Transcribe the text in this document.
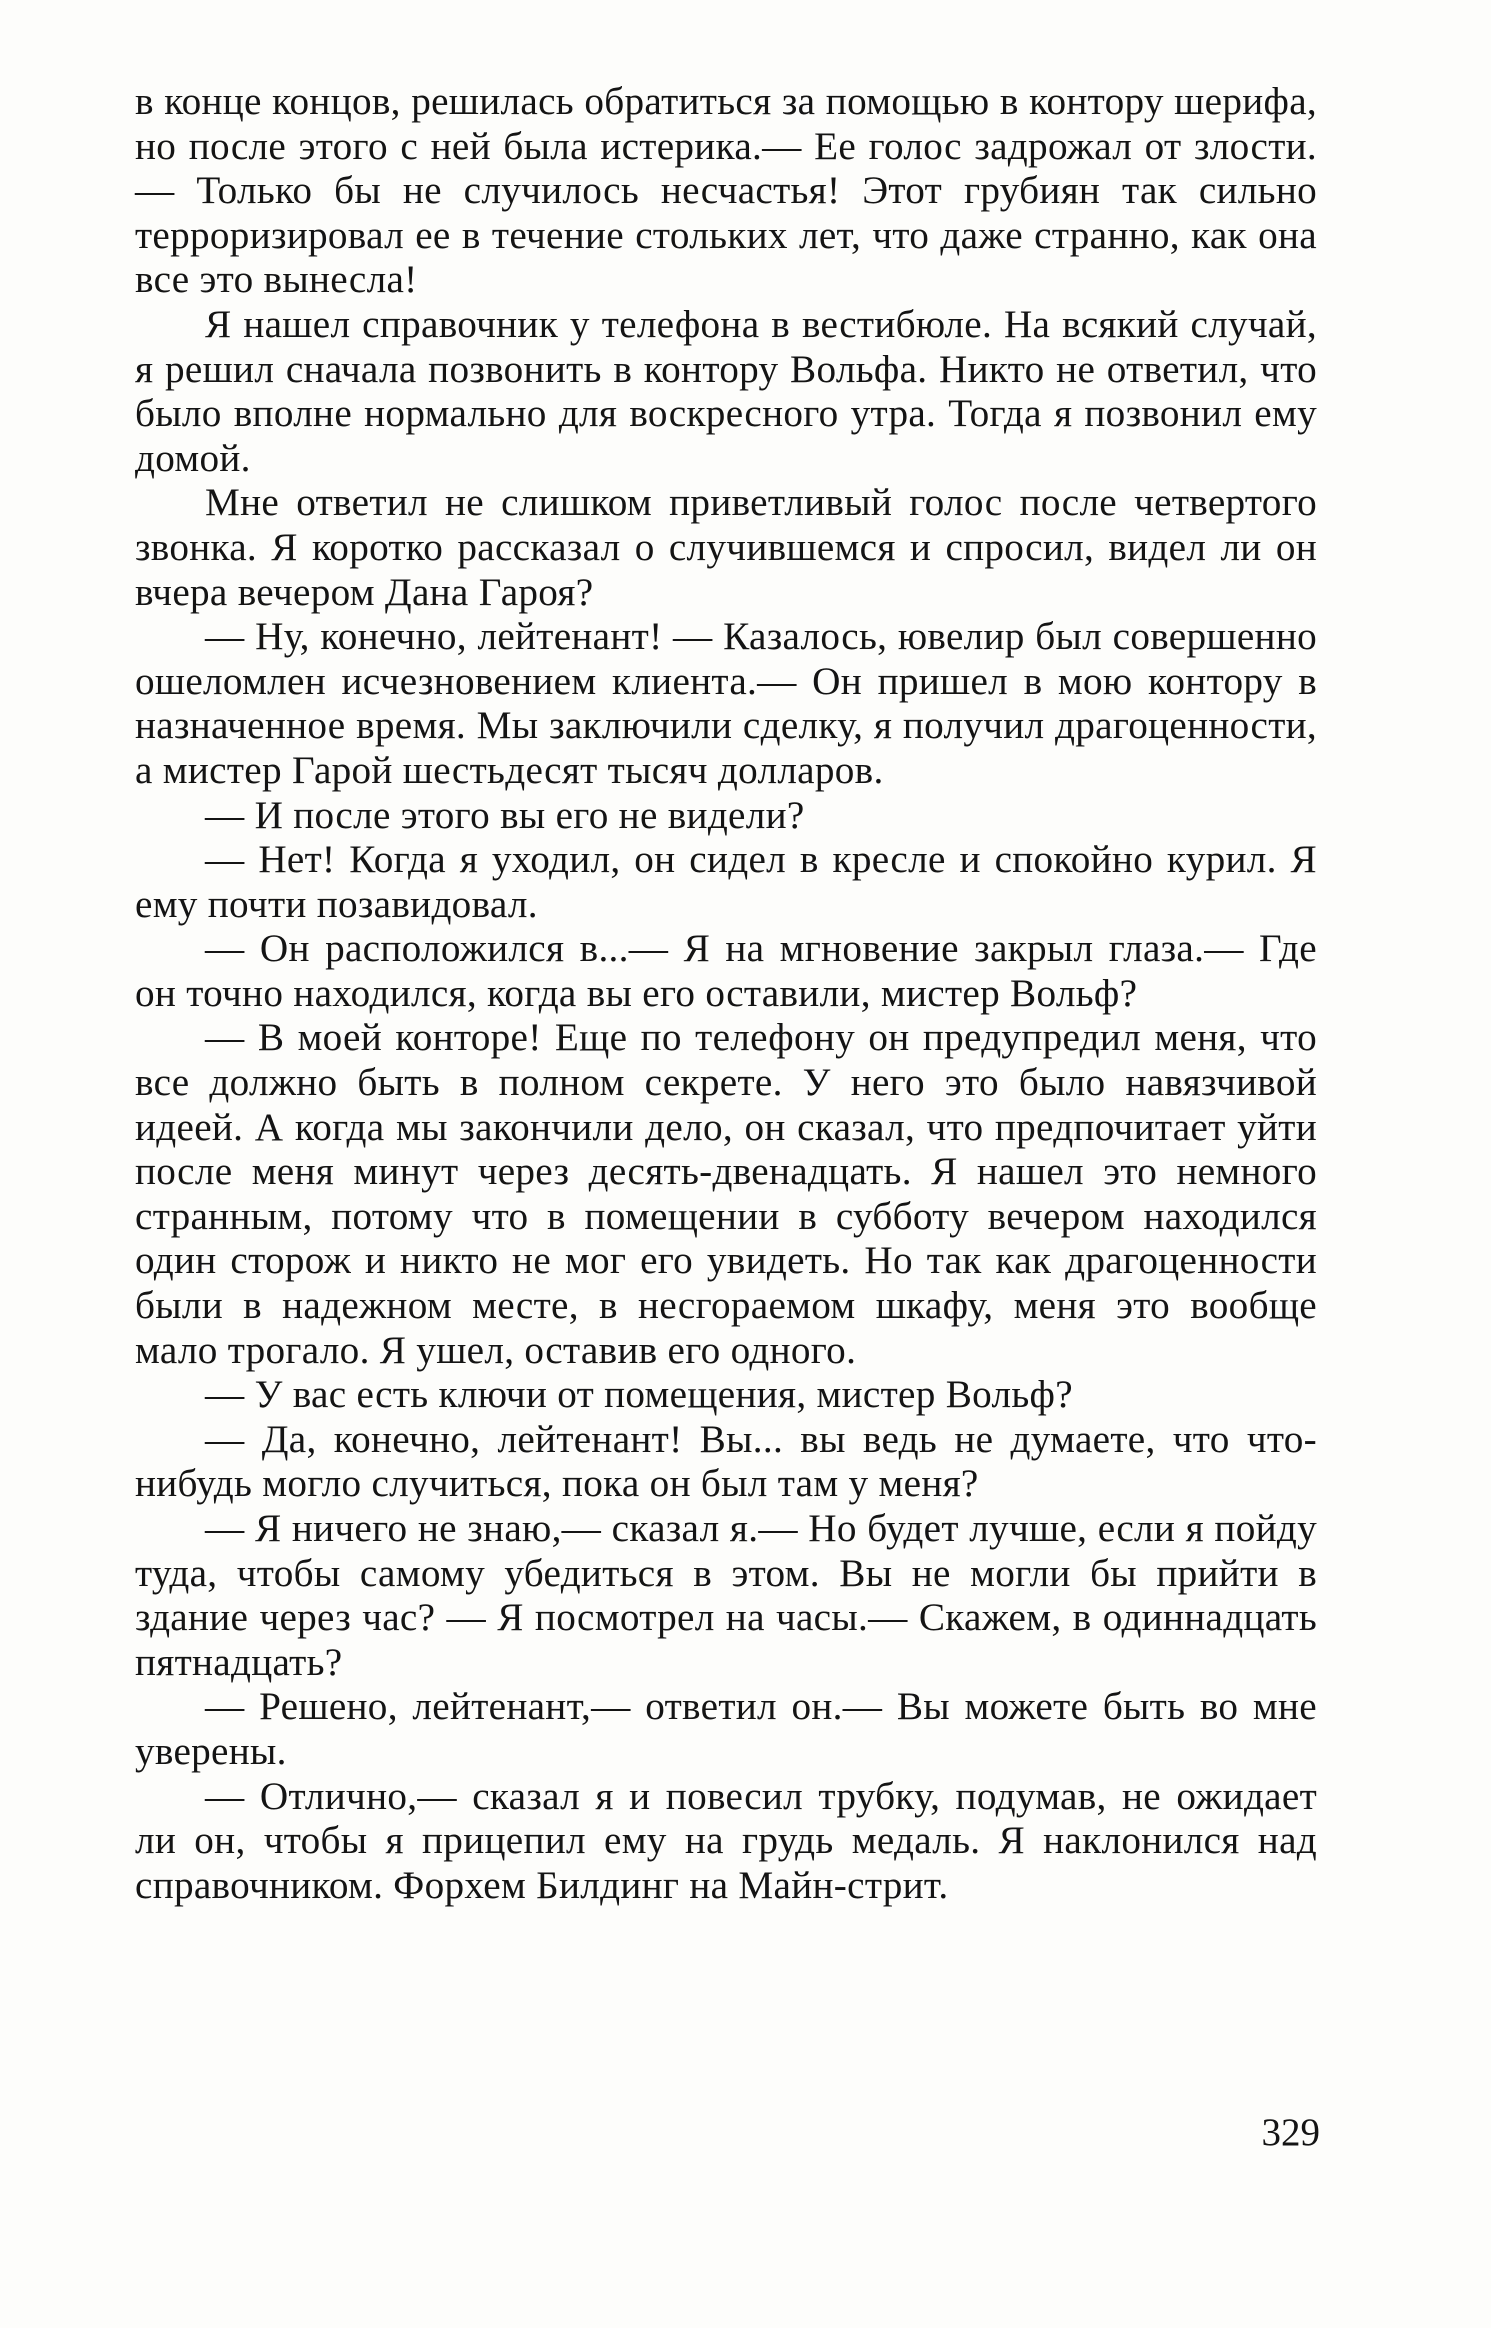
в конце концов, решилась обратиться за помощью в контору шерифа, но после этого с ней была истерика.— Ее голос задрожал от злости.— Только бы не случилось несчастья! Этот грубиян так сильно терроризировал ее в течение стольких лет, что даже странно, как она все это вынесла!

Я нашел справочник у телефона в вестибюле. На всякий случай, я решил сначала позвонить в контору Вольфа. Никто не ответил, что было вполне нормально для воскресного утра. Тогда я позвонил ему домой.

Мне ответил не слишком приветливый голос после четвертого звонка. Я коротко рассказал о случившемся и спросил, видел ли он вчера вечером Дана Гароя?

— Ну, конечно, лейтенант! — Казалось, ювелир был совершенно ошеломлен исчезновением клиента.— Он пришел в мою контору в назначенное время. Мы заключили сделку, я получил драгоценности, а мистер Гарой шестьдесят тысяч долларов.

— И после этого вы его не видели?

— Нет! Когда я уходил, он сидел в кресле и спокойно курил. Я ему почти позавидовал.

— Он расположился в...— Я на мгновение закрыл глаза.— Где он точно находился, когда вы его оставили, мистер Вольф?

— В моей конторе! Еще по телефону он предупредил меня, что все должно быть в полном секрете. У него это было навязчивой идеей. А когда мы закончили дело, он сказал, что предпочитает уйти после меня минут через десять-двенадцать. Я нашел это немного странным, потому что в помещении в субботу вечером находился один сторож и никто не мог его увидеть. Но так как драгоценности были в надежном месте, в несгораемом шкафу, меня это вообще мало трогало. Я ушел, оставив его одного.

— У вас есть ключи от помещения, мистер Вольф?

— Да, конечно, лейтенант! Вы... вы ведь не думаете, что что-нибудь могло случиться, пока он был там у меня?

— Я ничего не знаю,— сказал я.— Но будет лучше, если я пойду туда, чтобы самому убедиться в этом. Вы не могли бы прийти в здание через час? — Я посмотрел на часы.— Скажем, в одиннадцать пятнадцать?

— Решено, лейтенант,— ответил он.— Вы можете быть во мне уверены.

— Отлично,— сказал я и повесил трубку, подумав, не ожидает ли он, чтобы я прицепил ему на грудь медаль. Я наклонился над справочником. Форхем Билдинг на Майн-стрит.

329
